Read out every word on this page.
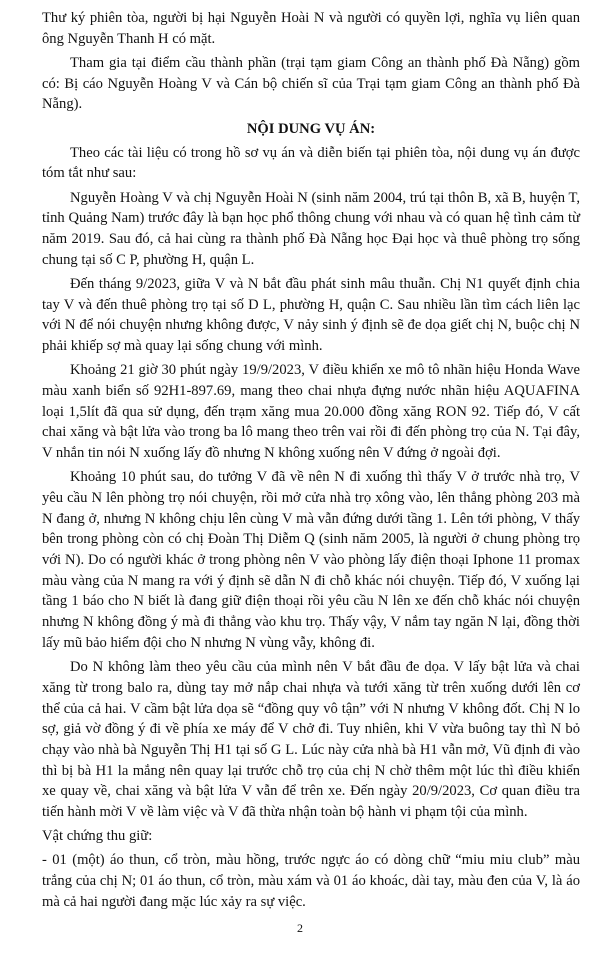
Thư ký phiên tòa, người bị hại Nguyễn Hoài N và người có quyền lợi, nghĩa vụ liên quan ông Nguyễn Thanh H có mặt.

Tham gia tại điểm cầu thành phần (trại tạm giam Công an thành phố Đà Nẵng) gồm có: Bị cáo Nguyễn Hoàng V và Cán bộ chiến sĩ của Trại tạm giam Công an thành phố Đà Nẵng).

NỘI DUNG VỤ ÁN:

Theo các tài liệu có trong hồ sơ vụ án và diễn biến tại phiên tòa, nội dung vụ án được tóm tắt như sau:

Nguyễn Hoàng V và chị Nguyễn Hoài N (sinh năm 2004, trú tại thôn B, xã B, huyện T, tỉnh Quảng Nam) trước đây là bạn học phổ thông chung với nhau và có quan hệ tình cảm từ năm 2019. Sau đó, cả hai cùng ra thành phố Đà Nẵng học Đại học và thuê phòng trọ sống chung tại số C P, phường H, quận L.

Đến tháng 9/2023, giữa V và N bắt đầu phát sinh mâu thuẫn. Chị N1 quyết định chia tay V và đến thuê phòng trọ tại số D L, phường H, quận C. Sau nhiều lần tìm cách liên lạc với N để nói chuyện nhưng không được, V nảy sinh ý định sẽ đe dọa giết chị N, buộc chị N phải khiếp sợ mà quay lại sống chung với mình.

Khoảng 21 giờ 30 phút ngày 19/9/2023, V điều khiển xe mô tô nhãn hiệu Honda Wave màu xanh biển số 92H1-897.69, mang theo chai nhựa đựng nước nhãn hiệu AQUAFINA loại 1,5lít đã qua sử dụng, đến trạm xăng mua 20.000 đồng xăng RON 92. Tiếp đó, V cất chai xăng và bật lửa vào trong ba lô mang theo trên vai rồi đi đến phòng trọ của N. Tại đây, V nhắn tin nói N xuống lấy đồ nhưng N không xuống nên V đứng ở ngoài đợi.

Khoảng 10 phút sau, do tưởng V đã về nên N đi xuống thì thấy V ở trước nhà trọ, V yêu cầu N lên phòng trọ nói chuyện, rồi mở cửa nhà trọ xông vào, lên thẳng phòng 203 mà N đang ở, nhưng N không chịu lên cùng V mà vẫn đứng dưới tầng 1. Lên tới phòng, V thấy bên trong phòng còn có chị Đoàn Thị Diễm Q (sinh năm 2005, là người ở chung phòng trọ với N). Do có người khác ở trong phòng nên V vào phòng lấy điện thoại Iphone 11 promax màu vàng của N mang ra với ý định sẽ dẫn N đi chỗ khác nói chuyện. Tiếp đó, V xuống lại tầng 1 báo cho N biết là đang giữ điện thoại rồi yêu cầu N lên xe đến chỗ khác nói chuyện nhưng N không đồng ý mà đi thẳng vào khu trọ. Thấy vậy, V nắm tay ngăn N lại, đồng thời lấy mũ bảo hiểm đội cho N nhưng N vùng vẫy, không đi.

Do N không làm theo yêu cầu của mình nên V bắt đầu đe dọa. V lấy bật lửa và chai xăng từ trong balo ra, dùng tay mở nắp chai nhựa và tưới xăng từ trên xuống dưới lên cơ thể của cả hai. V cầm bật lửa dọa sẽ “đồng quy vô tận” với N nhưng V không đốt. Chị N lo sợ, giả vờ đồng ý đi về phía xe máy để V chở đi. Tuy nhiên, khi V vừa buông tay thì N bỏ chạy vào nhà bà Nguyễn Thị H1 tại số G L. Lúc này cửa nhà bà H1 vẫn mở, Vũ định đi vào thì bị bà H1 la mắng nên quay lại trước chỗ trọ của chị N chờ thêm một lúc thì điều khiển xe quay về, chai xăng và bật lửa V vẫn để trên xe. Đến ngày 20/9/2023, Cơ quan điều tra tiến hành mời V về làm việc và V đã thừa nhận toàn bộ hành vi phạm tội của mình.

Vật chứng thu giữ:

- 01 (một) áo thun, cổ tròn, màu hồng, trước ngực áo có dòng chữ “miu miu club” màu trắng của chị N; 01 áo thun, cổ tròn, màu xám và 01 áo khoác, dài tay, màu đen của V, là áo mà cả hai người đang mặc lúc xảy ra sự việc.

2
